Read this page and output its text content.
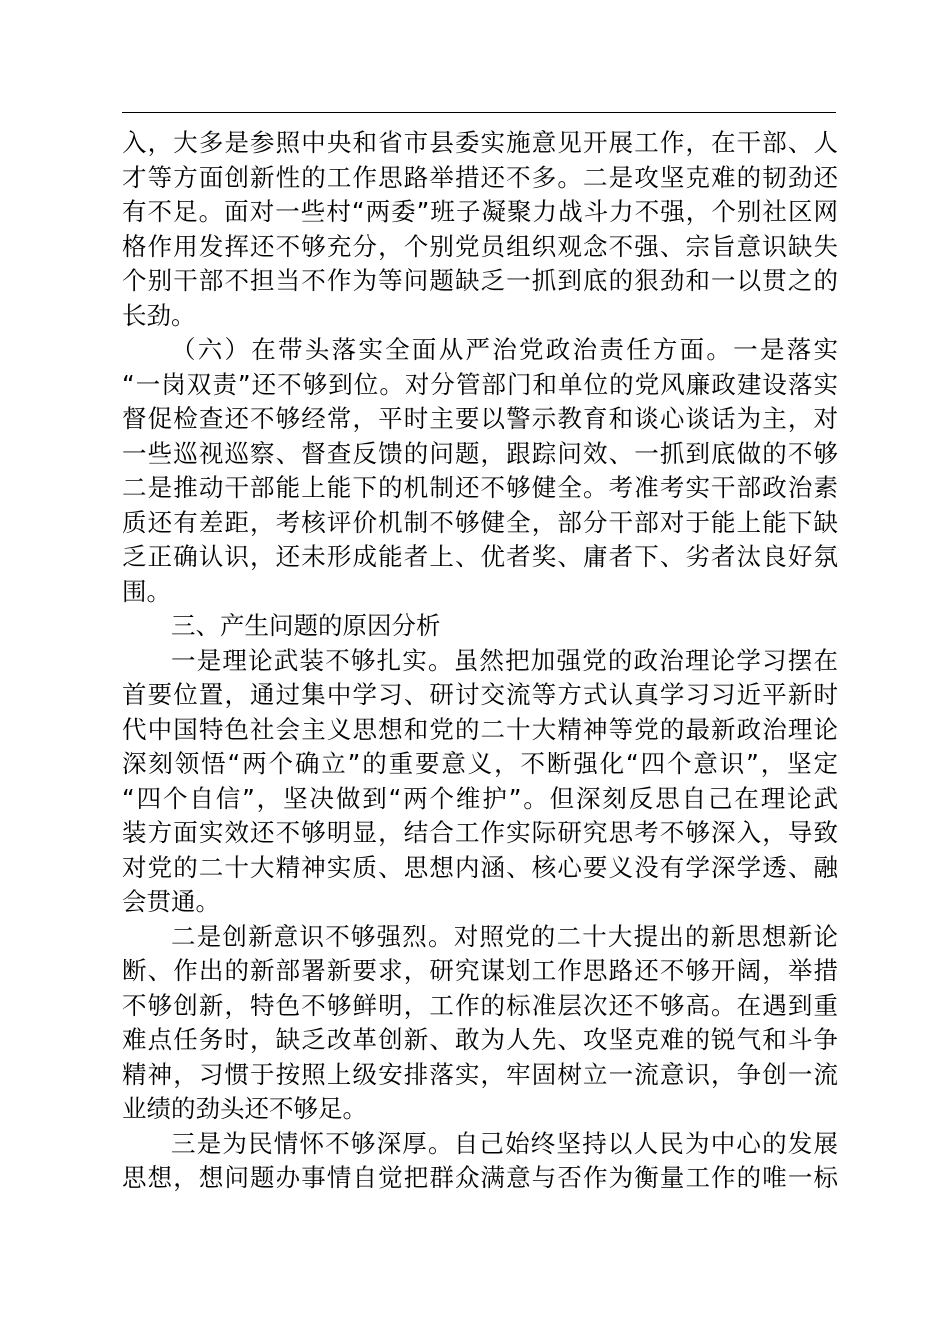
入，大多是参照中央和省市县委实施意见开展工作，在干部、人
才等方面创新性的工作思路举措还不多。二是攻坚克难的韧劲还
有不足。面对一些村“两委”班子凝聚力战斗力不强，个别社区网
格作用发挥还不够充分，个别党员组织观念不强、宗旨意识缺失
个别干部不担当不作为等问题缺乏一抓到底的狠劲和一以贯之的
长劲。
（六）在带头落实全面从严治党政治责任方面。一是落实
“一岗双责”还不够到位。对分管部门和单位的党风廉政建设落实
督促检查还不够经常，平时主要以警示教育和谈心谈话为主，对
一些巡视巡察、督查反馈的问题，跟踪问效、一抓到底做的不够
二是推动干部能上能下的机制还不够健全。考准考实干部政治素
质还有差距，考核评价机制不够健全，部分干部对于能上能下缺
乏正确认识，还未形成能者上、优者奖、庸者下、劣者汰良好氛
围。
三、产生问题的原因分析
一是理论武装不够扎实。虽然把加强党的政治理论学习摆在
首要位置，通过集中学习、研讨交流等方式认真学习习近平新时
代中国特色社会主义思想和党的二十大精神等党的最新政治理论
深刻领悟“两个确立”的重要意义，不断强化“四个意识”，坚定
“四个自信”，坚决做到“两个维护”。但深刻反思自己在理论武
装方面实效还不够明显，结合工作实际研究思考不够深入，导致
对党的二十大精神实质、思想内涵、核心要义没有学深学透、融
会贯通。
二是创新意识不够强烈。对照党的二十大提出的新思想新论
断、作出的新部署新要求，研究谋划工作思路还不够开阔，举措
不够创新，特色不够鲜明，工作的标准层次还不够高。在遇到重
难点任务时，缺乏改革创新、敢为人先、攻坚克难的锐气和斗争
精神，习惯于按照上级安排落实，牢固树立一流意识，争创一流
业绩的劲头还不够足。
三是为民情怀不够深厚。自己始终坚持以人民为中心的发展
思想，想问题办事情自觉把群众满意与否作为衡量工作的唯一标
